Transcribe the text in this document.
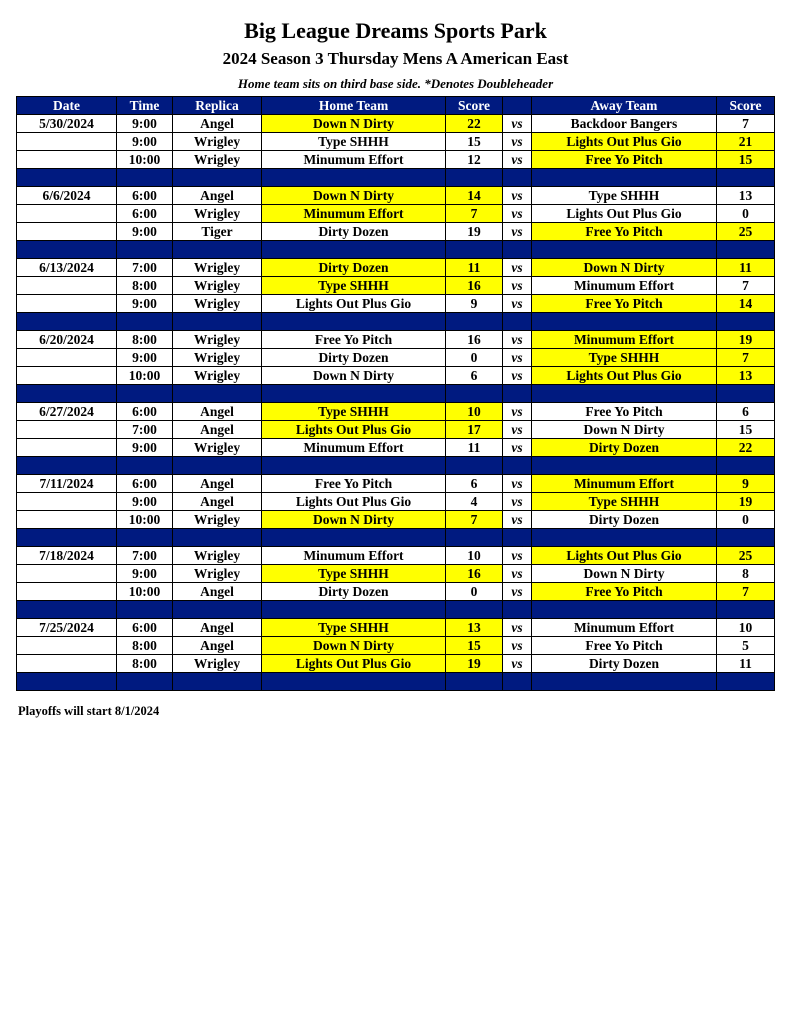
Big League Dreams Sports Park
2024 Season 3 Thursday Mens A American East
Home team sits on third base side. *Denotes Doubleheader
Date	Time	Replica	Home Team	Score		Away Team	Score
5/30/2024	9:00	Angel	Down N Dirty	22	vs	Backdoor Bangers	7
	9:00	Wrigley	Type SHHH	15	vs	Lights Out Plus Gio	21
	10:00	Wrigley	Minumum Effort	12	vs	Free Yo Pitch	15

6/6/2024	6:00	Angel	Down N Dirty	14	vs	Type SHHH	13
	6:00	Wrigley	Minumum Effort	7	vs	Lights Out Plus Gio	0
	9:00	Tiger	Dirty Dozen	19	vs	Free Yo Pitch	25

6/13/2024	7:00	Wrigley	Dirty Dozen	11	vs	Down N Dirty	11
	8:00	Wrigley	Type SHHH	16	vs	Minumum Effort	7
	9:00	Wrigley	Lights Out Plus Gio	9	vs	Free Yo Pitch	14

6/20/2024	8:00	Wrigley	Free Yo Pitch	16	vs	Minumum Effort	19
	9:00	Wrigley	Dirty Dozen	0	vs	Type SHHH	7
	10:00	Wrigley	Down N Dirty	6	vs	Lights Out Plus Gio	13

6/27/2024	6:00	Angel	Type SHHH	10	vs	Free Yo Pitch	6
	7:00	Angel	Lights Out Plus Gio	17	vs	Down N Dirty	15
	9:00	Wrigley	Minumum Effort	11	vs	Dirty Dozen	22

7/11/2024	6:00	Angel	Free Yo Pitch	6	vs	Minumum Effort	9
	9:00	Angel	Lights Out Plus Gio	4	vs	Type SHHH	19
	10:00	Wrigley	Down N Dirty	7	vs	Dirty Dozen	0

7/18/2024	7:00	Wrigley	Minumum Effort	10	vs	Lights Out Plus Gio	25
	9:00	Wrigley	Type SHHH	16	vs	Down N Dirty	8
	10:00	Angel	Dirty Dozen	0	vs	Free Yo Pitch	7

7/25/2024	6:00	Angel	Type SHHH	13	vs	Minumum Effort	10
	8:00	Angel	Down N Dirty	15	vs	Free Yo Pitch	5
	8:00	Wrigley	Lights Out Plus Gio	19	vs	Dirty Dozen	11

Playoffs will start 8/1/2024
